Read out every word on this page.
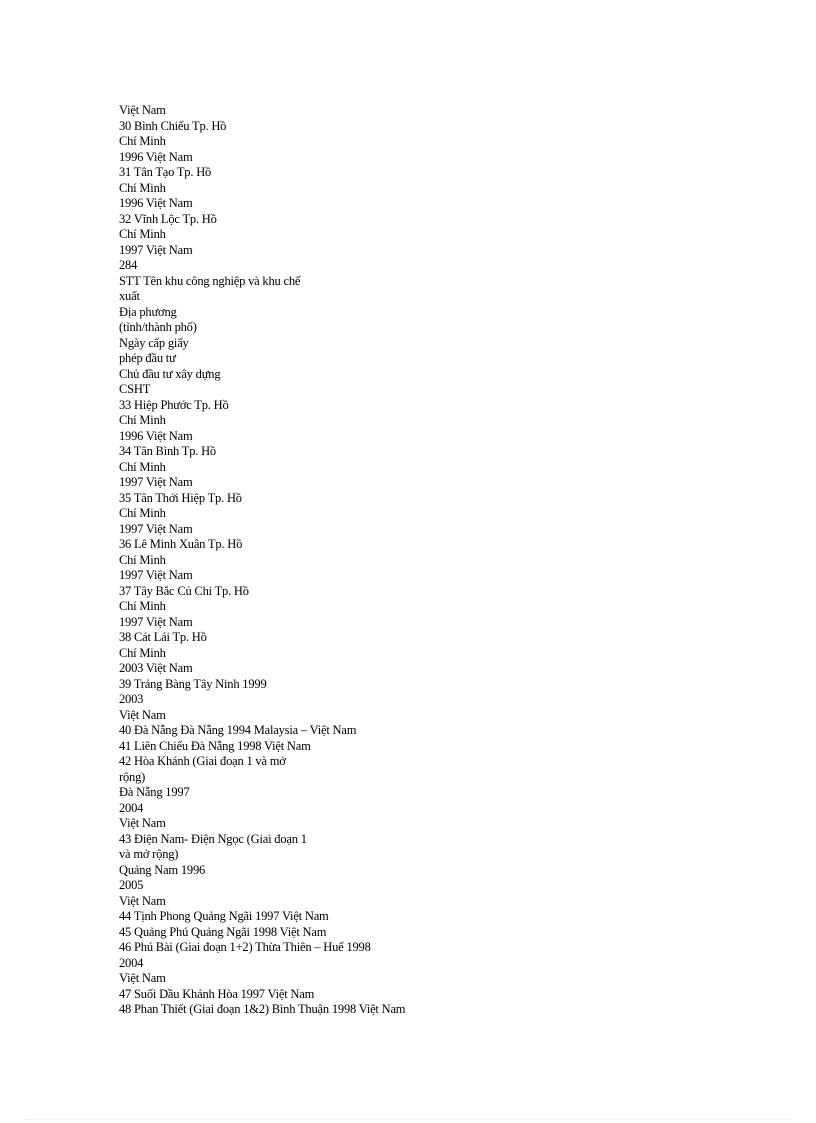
Việt Nam
30 Bình Chiểu Tp. Hồ
Chí Minh
1996 Việt Nam
31 Tân Tạo Tp. Hồ
Chí Minh
1996 Việt Nam
32 Vĩnh Lộc Tp. Hồ
Chí Minh
1997 Việt Nam
284
STT Tên khu công nghiệp và khu chế
xuất
Địa phương
(tỉnh/thành phố)
Ngày cấp giấy
phép đầu tư
Chủ đầu tư xây dựng
CSHT
33 Hiệp Phước Tp. Hồ
Chí Minh
1996 Việt Nam
34 Tân Bình Tp. Hồ
Chí Minh
1997 Việt Nam
35 Tân Thới Hiệp Tp. Hồ
Chí Minh
1997 Việt Nam
36 Lê Minh Xuân Tp. Hồ
Chí Minh
1997 Việt Nam
37 Tây Bắc Củ Chi Tp. Hồ
Chí Minh
1997 Việt Nam
38 Cát Lái Tp. Hồ
Chí Minh
2003 Việt Nam
39 Trảng Bàng Tây Ninh 1999
2003
Việt Nam
40 Đà Nẵng Đà Nẵng 1994 Malaysia – Việt Nam
41 Liên Chiểu Đà Nẵng 1998 Việt Nam
42 Hòa Khánh (Giai đoạn 1 và mở
rộng)
Đà Nẵng 1997
2004
Việt Nam
43 Điện Nam- Điện Ngọc (Giai đoạn 1
và mở rộng)
Quảng Nam 1996
2005
Việt Nam
44 Tịnh Phong Quảng Ngãi 1997 Việt Nam
45 Quảng Phú Quảng Ngãi 1998 Việt Nam
46 Phú Bài (Giai đoạn 1+2) Thừa Thiên – Huế 1998
2004
Việt Nam
47 Suối Dầu Khánh Hòa 1997 Việt Nam
48 Phan Thiết (Giai đoạn 1&2) Bình Thuận 1998 Việt Nam
